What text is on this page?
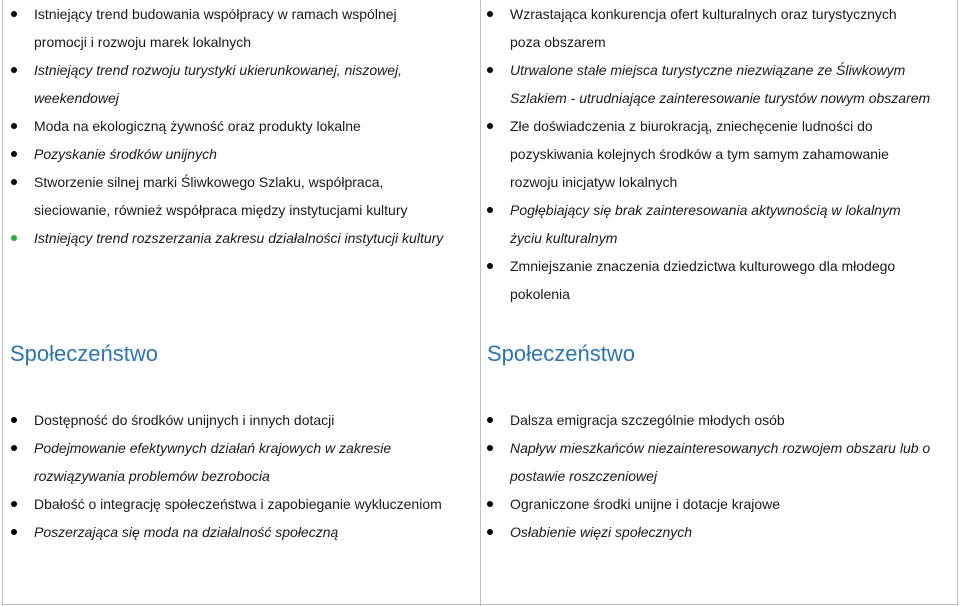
Istniejący trend budowania współpracy w ramach wspólnej
promocji i rozwoju marek lokalnych
Istniejący trend rozwoju turystyki ukierunkowanej, niszowej,
weekendowej
Moda na ekologiczną żywność oraz produkty lokalne
Pozyskanie środków unijnych
Stworzenie silnej marki Śliwkowego Szlaku, współpraca,
sieciowanie, również współpraca między instytucjami kultury
Istniejący trend rozszerzania zakresu działalności instytucji kultury
Wzrastająca konkurencja ofert kulturalnych oraz turystycznych
poza obszarem
Utrwalone stałe miejsca turystyczne niezwiązane ze Śliwkowym
Szlakiem - utrudniające zainteresowanie turystów nowym obszarem
Złe doświadczenia z biurokracją, zniechęcenie ludności do
pozyskiwania kolejnych środków a tym samym zahamowanie
rozwoju inicjatyw lokalnych
Pogłębiający się brak zainteresowania aktywnością w lokalnym
życiu kulturalnym
Zmniejszanie znaczenia dziedzictwa kulturowego dla młodego
pokolenia
Społeczeństwo	Społeczeństwo
Dostępność do środków unijnych i innych dotacji
Podejmowanie efektywnych działań krajowych w zakresie
rozwiązywania problemów bezrobocia
Dbałość o integrację społeczeństwa i zapobieganie wykluczeniom
Poszerzająca się moda na działalność społeczną
Dalsza emigracja szczególnie młodych osób
Napływ mieszkańców niezainteresowanych rozwojem obszaru lub o
postawie roszczeniowej
Ograniczone środki unijne i dotacje krajowe
Osłabienie więzi społecznych
